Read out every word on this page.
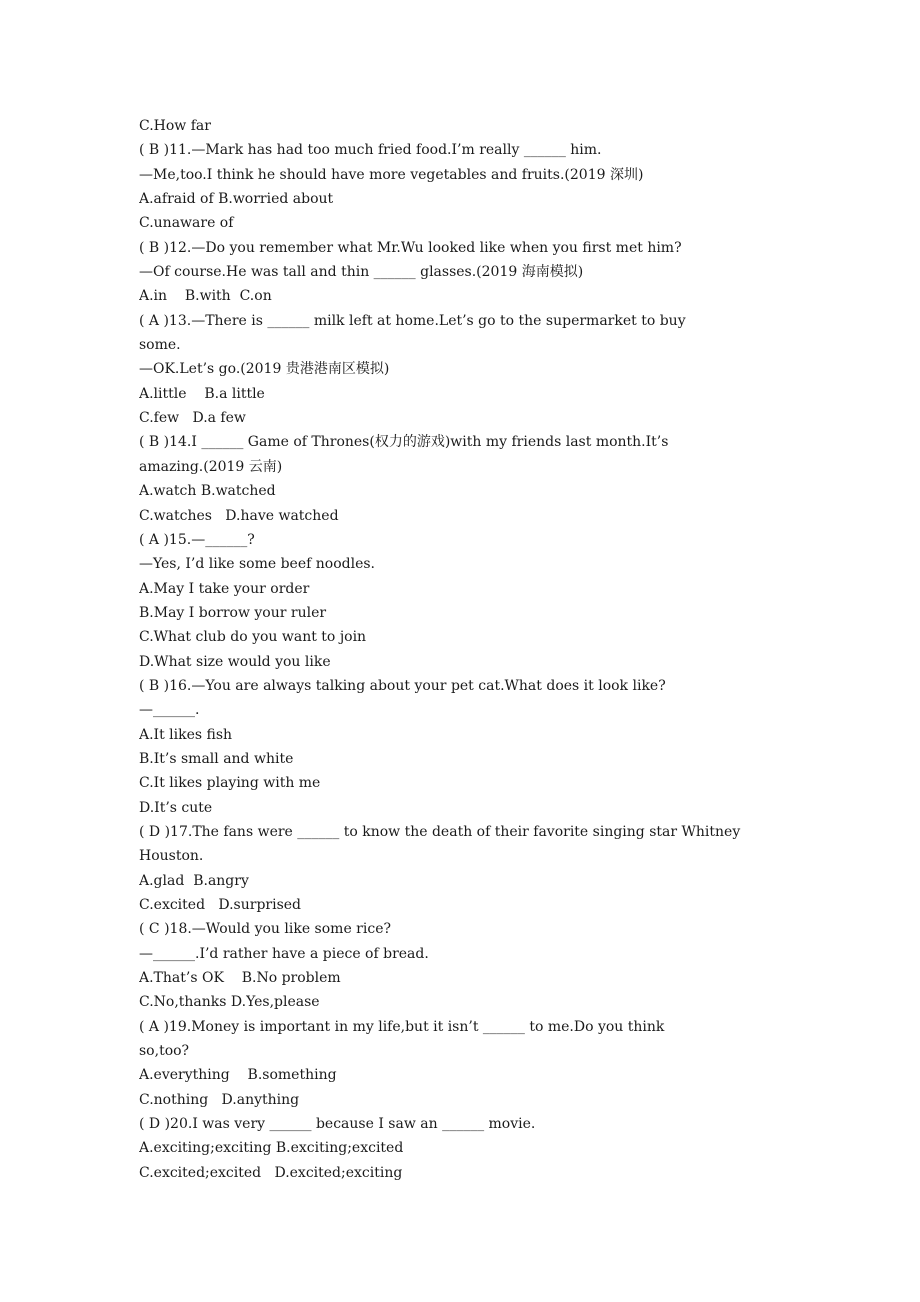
C.How far
( B )11.—Mark has had too much fried food.I’m really ______ him.
—Me,too.I think he should have more vegetables and fruits.(2019 深圳)
A.afraid of B.worried about
C.unaware of
( B )12.—Do you remember what Mr.Wu looked like when you first met him?
—Of course.He was tall and thin ______ glasses.(2019 海南模拟)
A.in    B.with  C.on
( A )13.—There is ______ milk left at home.Let’s go to the supermarket to buy
some.
—OK.Let’s go.(2019 贵港港南区模拟)
A.little    B.a little
C.few   D.a few
( B )14.I ______ Game of Thrones(权力的游戏)with my friends last month.It’s
amazing.(2019 云南)
A.watch B.watched
C.watches   D.have watched
( A )15.—______?
—Yes, I’d like some beef noodles.
A.May I take your order
B.May I borrow your ruler
C.What club do you want to join
D.What size would you like
( B )16.—You are always talking about your pet cat.What does it look like?
—______.
A.It likes fish
B.It’s small and white
C.It likes playing with me
D.It’s cute
( D )17.The fans were ______ to know the death of their favorite singing star Whitney
Houston.
A.glad  B.angry
C.excited   D.surprised
( C )18.—Would you like some rice?
—______.I’d rather have a piece of bread.
A.That’s OK    B.No problem
C.No,thanks D.Yes,please
( A )19.Money is important in my life,but it isn’t ______ to me.Do you think
so,too?
A.everything    B.something
C.nothing   D.anything
( D )20.I was very ______ because I saw an ______ movie.
A.exciting;exciting B.exciting;excited
C.excited;excited   D.excited;exciting
